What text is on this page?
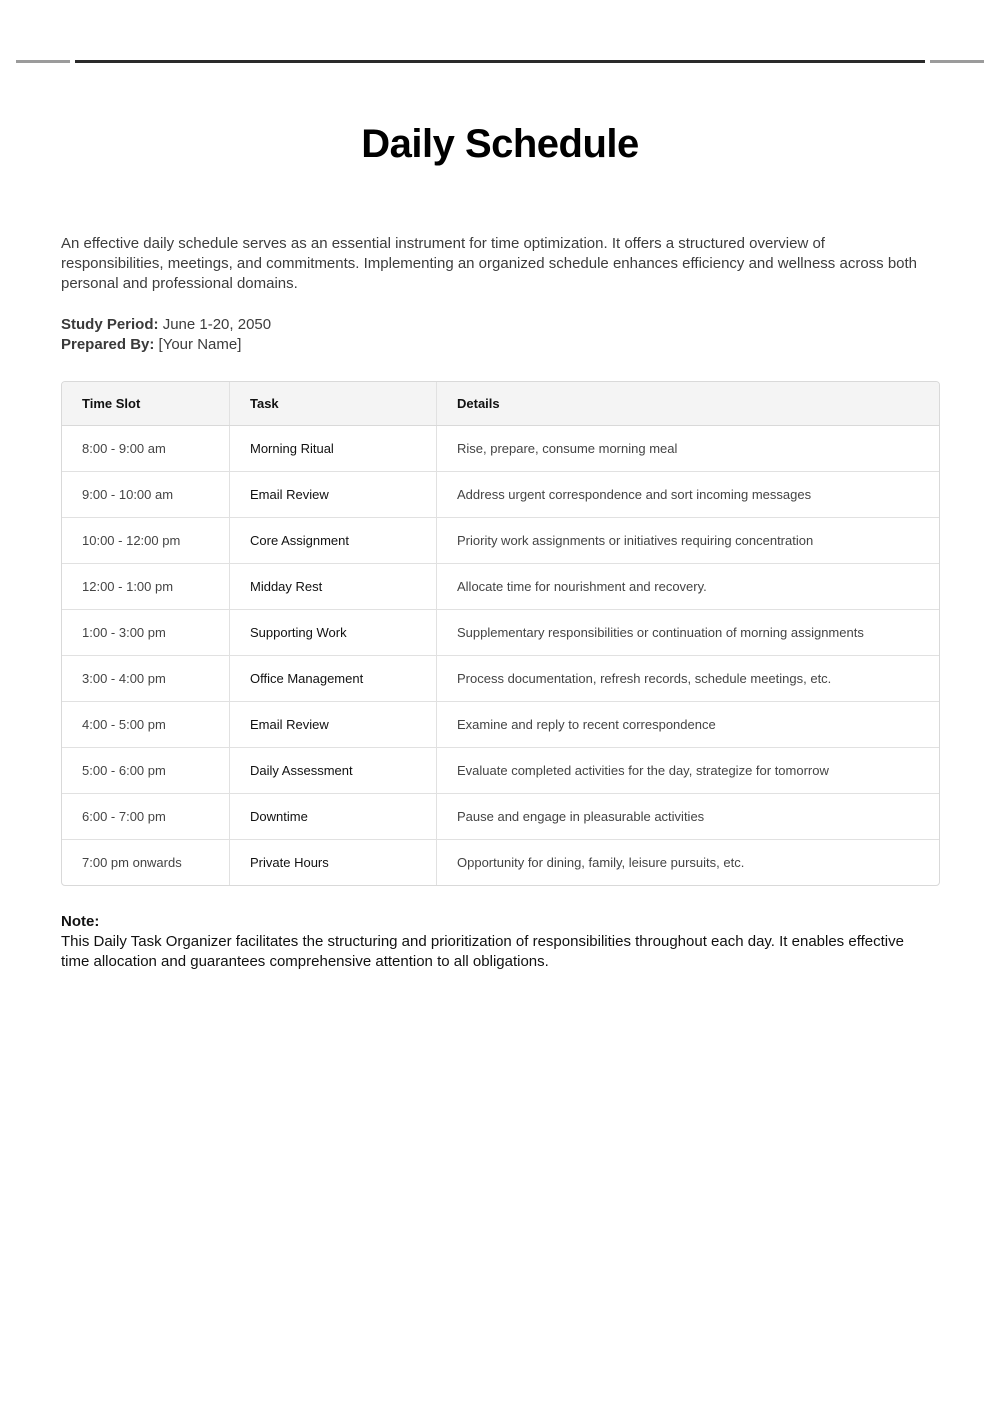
Daily Schedule

An effective daily schedule serves as an essential instrument for time optimization. It offers a structured overview of responsibilities, meetings, and commitments. Implementing an organized schedule enhances efficiency and wellness across both personal and professional domains.

Study Period: June 1-20, 2050

Prepared By: [Your Name]

Time Slot	Task	Details
8:00 - 9:00 am	Morning Ritual	Rise, prepare, consume morning meal
9:00 - 10:00 am	Email Review	Address urgent correspondence and sort incoming messages
10:00 - 12:00 pm	Core Assignment	Priority work assignments or initiatives requiring concentration
12:00 - 1:00 pm	Midday Rest	Allocate time for nourishment and recovery.
1:00 - 3:00 pm	Supporting Work	Supplementary responsibilities or continuation of morning assignments
3:00 - 4:00 pm	Office Management	Process documentation, refresh records, schedule meetings, etc.
4:00 - 5:00 pm	Email Review	Examine and reply to recent correspondence
5:00 - 6:00 pm	Daily Assessment	Evaluate completed activities for the day, strategize for tomorrow
6:00 - 7:00 pm	Downtime	Pause and engage in pleasurable activities
7:00 pm onwards	Private Hours	Opportunity for dining, family, leisure pursuits, etc.

Note:
This Daily Task Organizer facilitates the structuring and prioritization of responsibilities throughout each day. It enables effective time allocation and guarantees comprehensive attention to all obligations.
